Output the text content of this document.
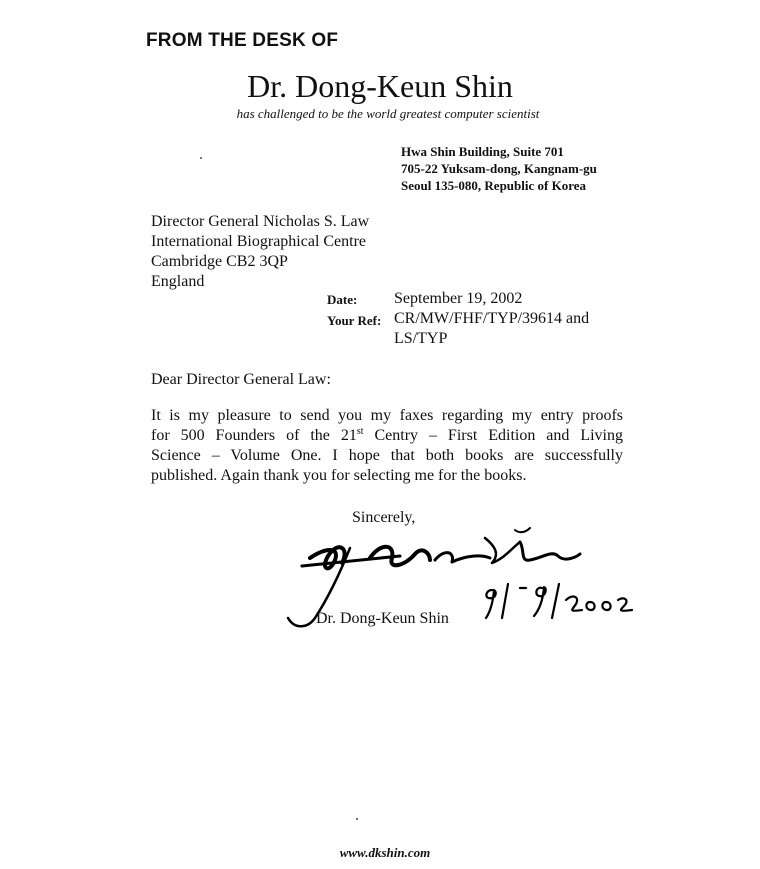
FROM THE DESK OF
Dr. Dong-Keun Shin
has challenged to be the world greatest computer scientist
Hwa Shin Building, Suite 701
705-22 Yuksam-dong, Kangnam-gu
Seoul 135-080, Republic of Korea
Director General Nicholas S. Law
International Biographical Centre
Cambridge CB2 3QP
England
Date: September 19, 2002
Your Ref: CR/MW/FHF/TYP/39614 and
LS/TYP
Dear Director General Law:
It is my pleasure to send you my faxes regarding my entry proofs
for 500 Founders of the 21st Centry – First Edition and Living
Science – Volume One. I hope that both books are successfully
published. Again thank you for selecting me for the books.
Sincerely,
Dr. Dong-Keun Shin
www.dkshin.com
